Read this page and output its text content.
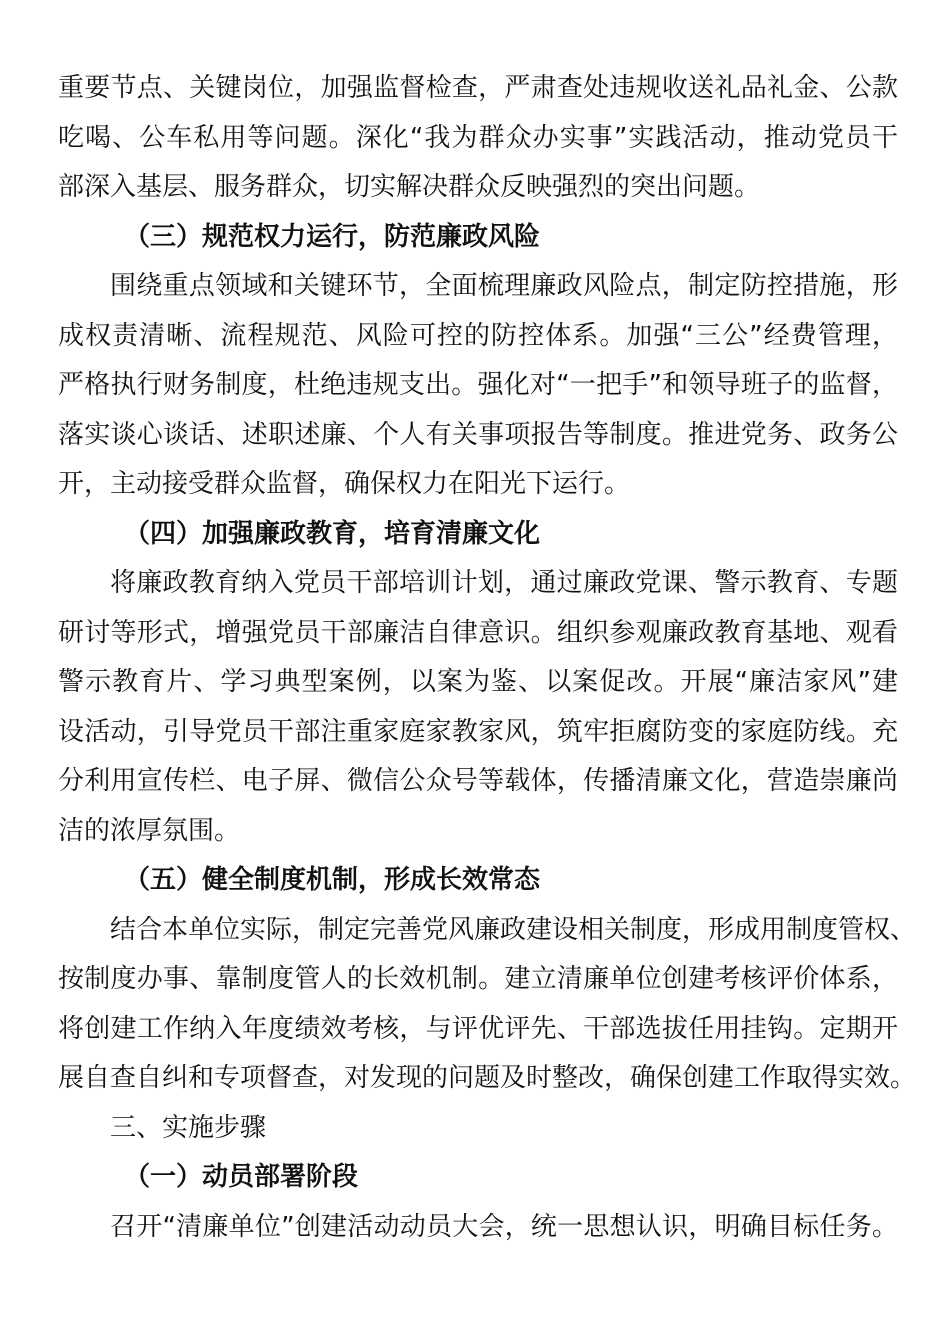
重要节点、关键岗位，加强监督检查，严肃查处违规收送礼品礼金、公款
吃喝、公车私用等问题。深化“我为群众办实事”实践活动，推动党员干
部深入基层、服务群众，切实解决群众反映强烈的突出问题。
（三）规范权力运行，防范廉政风险
围绕重点领域和关键环节，全面梳理廉政风险点，制定防控措施，形
成权责清晰、流程规范、风险可控的防控体系。加强“三公”经费管理，
严格执行财务制度，杜绝违规支出。强化对“一把手”和领导班子的监督，
落实谈心谈话、述职述廉、个人有关事项报告等制度。推进党务、政务公
开，主动接受群众监督，确保权力在阳光下运行。
（四）加强廉政教育，培育清廉文化
将廉政教育纳入党员干部培训计划，通过廉政党课、警示教育、专题
研讨等形式，增强党员干部廉洁自律意识。组织参观廉政教育基地、观看
警示教育片、学习典型案例，以案为鉴、以案促改。开展“廉洁家风”建
设活动，引导党员干部注重家庭家教家风，筑牢拒腐防变的家庭防线。充
分利用宣传栏、电子屏、微信公众号等载体，传播清廉文化，营造崇廉尚
洁的浓厚氛围。
（五）健全制度机制，形成长效常态
结合本单位实际，制定完善党风廉政建设相关制度，形成用制度管权、
按制度办事、靠制度管人的长效机制。建立清廉单位创建考核评价体系，
将创建工作纳入年度绩效考核，与评优评先、干部选拔任用挂钩。定期开
展自查自纠和专项督查，对发现的问题及时整改，确保创建工作取得实效。
三、实施步骤
（一）动员部署阶段
召开“清廉单位”创建活动动员大会，统一思想认识，明确目标任务。
